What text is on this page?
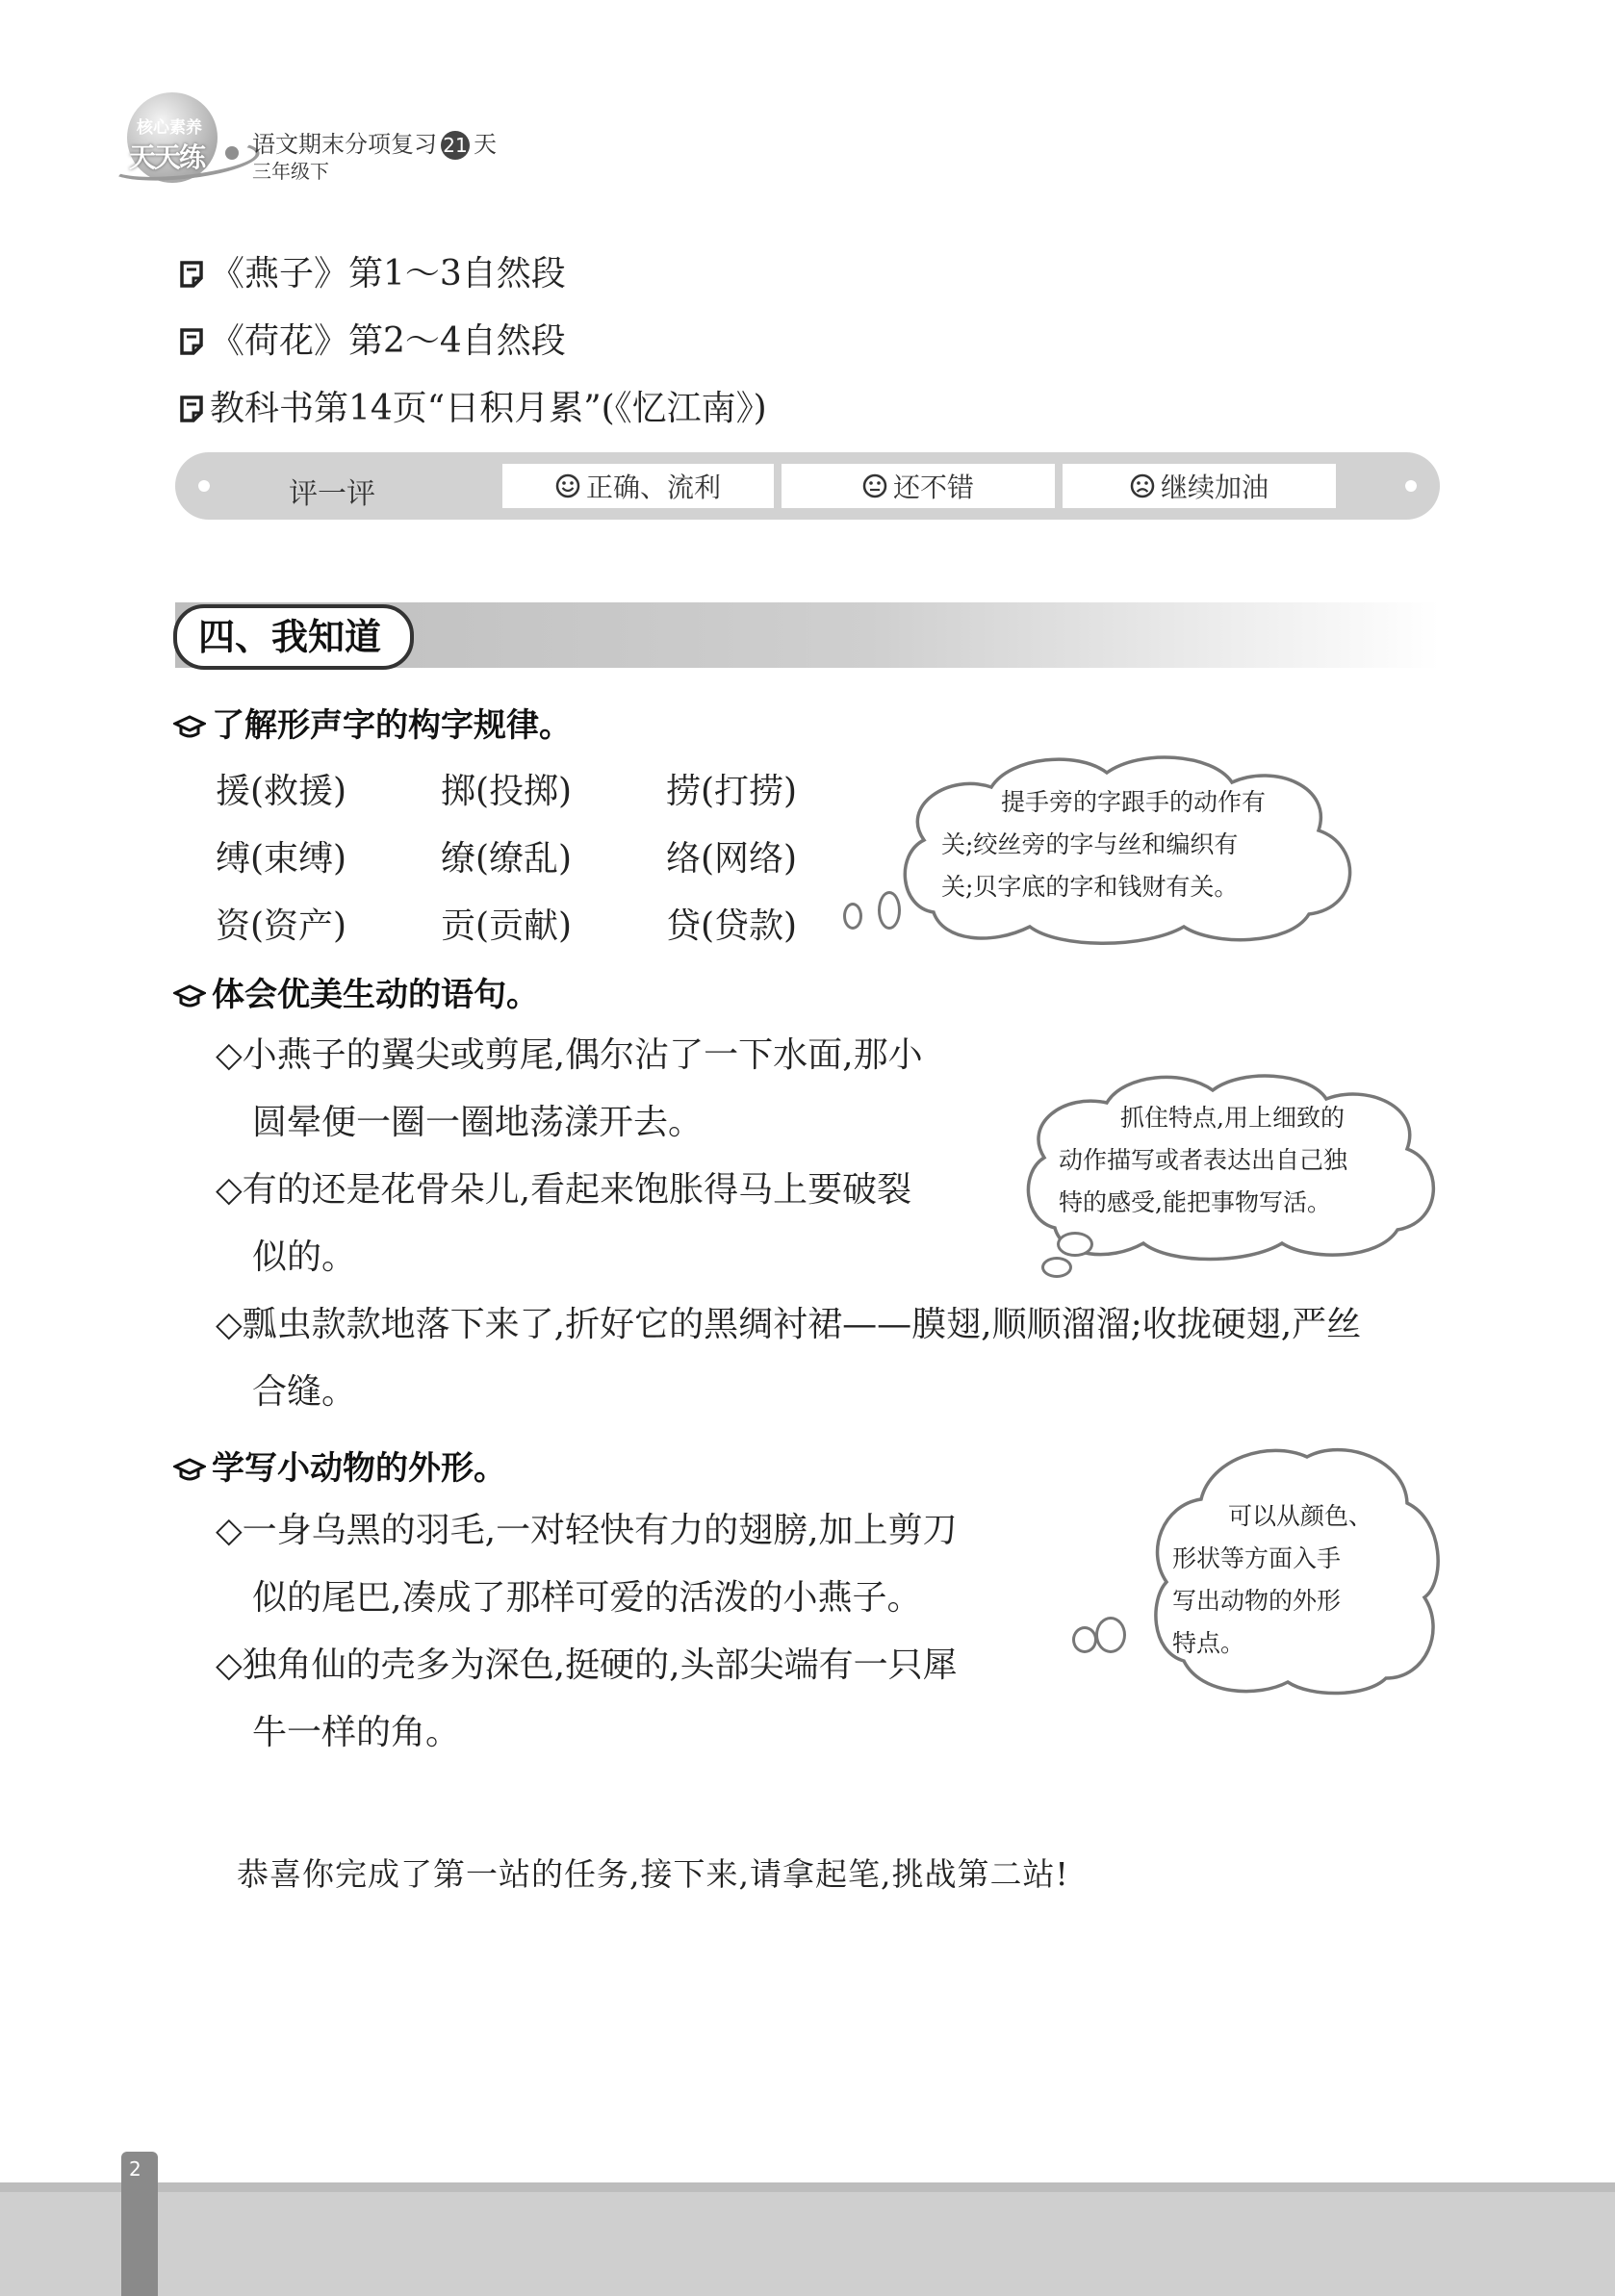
核心素养
天天练 语文期末分项复习 21 天
三年级下
《燕子》第1～3自然段
《荷花》第2～4自然段
教科书第14页“日积月累”(《忆江南》)
评一评	正确、流利	还不错	继续加油
四、我知道
了解形声字的构字规律。
援(救援)	掷(投掷)	捞(打捞)
缚(束缚)	缭(缭乱)	络(网络)
资(资产)	贡(贡献)	贷(贷款)
提手旁的字跟手的动作有
关;绞丝旁的字与丝和编织有
关;贝字底的字和钱财有关。
体会优美生动的语句。
◇小燕子的翼尖或剪尾,偶尔沾了一下水面,那小
圆晕便一圈一圈地荡漾开去。
◇有的还是花骨朵儿,看起来饱胀得马上要破裂
似的。
◇瓢虫款款地落下来了,折好它的黑绸衬裙——膜翅,顺顺溜溜;收拢硬翅,严丝
合缝。
抓住特点,用上细致的
动作描写或者表达出自己独
特的感受,能把事物写活。
学写小动物的外形。
◇一身乌黑的羽毛,一对轻快有力的翅膀,加上剪刀
似的尾巴,凑成了那样可爱的活泼的小燕子。
◇独角仙的壳多为深色,挺硬的,头部尖端有一只犀
牛一样的角。
可以从颜色、
形状等方面入手
写出动物的外形
特点。
恭喜你完成了第一站的任务,接下来,请拿起笔,挑战第二站!
2
